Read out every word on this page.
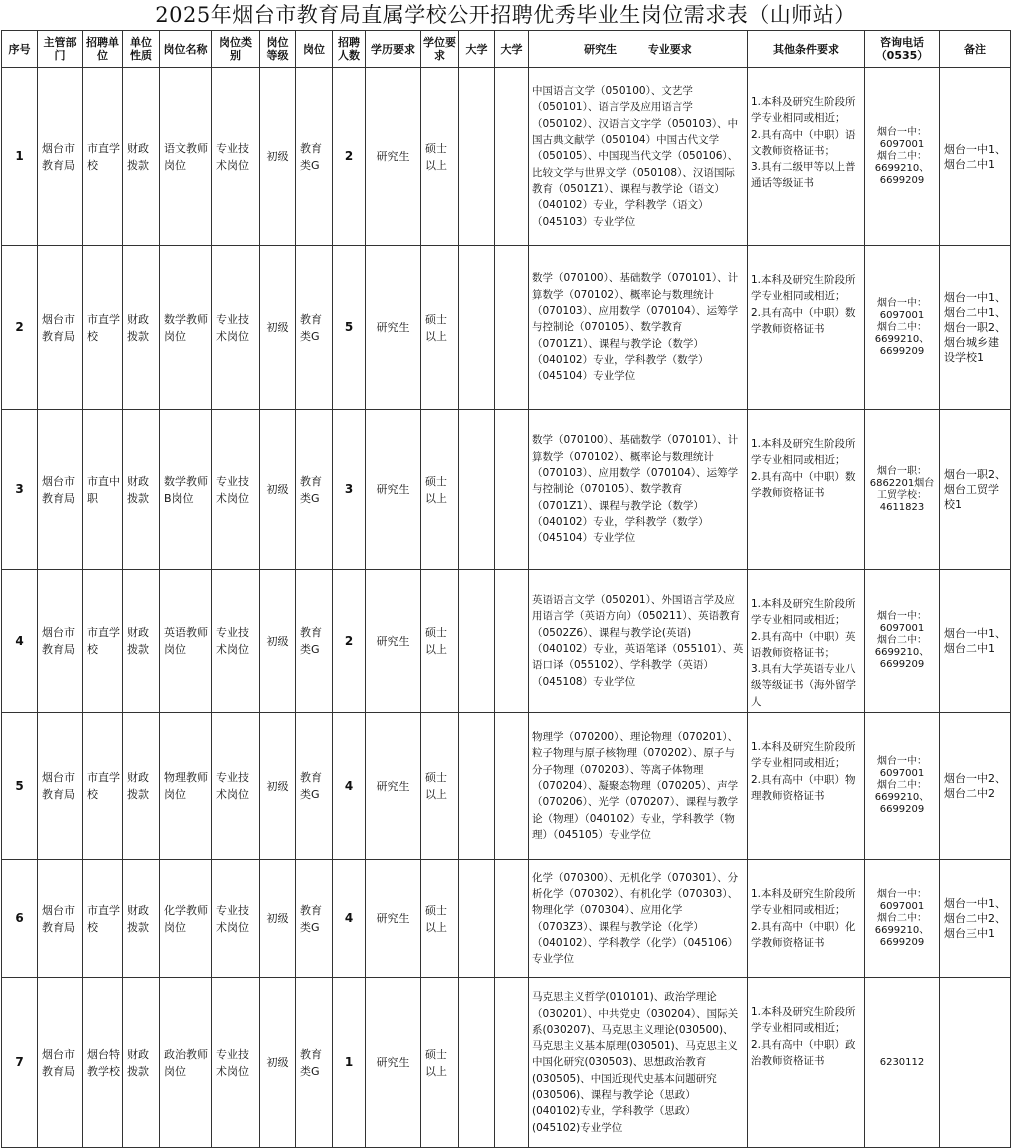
2025年烟台市教育局直属学校公开招聘优秀毕业生岗位需求表（山师站）
序号	主管部门	招聘单位	单位性质	岗位名称	岗位类别	岗位等级	岗位	招聘人数	学历要求	学位要求	大学	大学	研究生 专业要求	其他条件要求	咨询电话（0535）	备注

1	烟台市教育局	市直学校	财政拨款	语文教师岗位	专业技术岗位	初级	教育类G	2	研究生	硕士以上			中国语言文学（050100）、文艺学（050101）、语言学及应用语言学（050102）、汉语言文字学（050103）、中国古典文献学（050104）中国古代文学（050105）、中国现当代文学（050106）、比较文学与世界文学（050108）、汉语国际教育（0501Z1）、课程与教学论（语文）（040102）专业，学科教学（语文）（045103）专业学位	1.本科及研究生阶段所学专业相同或相近；
2.具有高中（中职）语文教师资格证书；
3.具有二级甲等以上普通话等级证书	烟台一中：6097001
烟台二中：6699210、6699209	烟台一中1、烟台二中1

2	烟台市教育局	市直学校	财政拨款	数学教师岗位	专业技术岗位	初级	教育类G	5	研究生	硕士以上			数学（070100）、基础数学（070101）、计算数学（070102）、概率论与数理统计（070103）、应用数学（070104）、运筹学与控制论（070105）、数学教育（0701Z1）、课程与教学论（数学）（040102）专业，学科教学（数学）（045104）专业学位	1.本科及研究生阶段所学专业相同或相近；
2.具有高中（中职）数学教师资格证书	烟台一中：6097001
烟台二中：6699210、6699209	烟台一中1、烟台二中1、烟台一职2、烟台城乡建设学校1

3	烟台市教育局	市直中职	财政拨款	数学教师B岗位	专业技术岗位	初级	教育类G	3	研究生	硕士以上			数学（070100）、基础数学（070101）、计算数学（070102）、概率论与数理统计（070103）、应用数学（070104）、运筹学与控制论（070105）、数学教育（0701Z1）、课程与教学论（数学）（040102）专业，学科教学（数学）（045104）专业学位	1.本科及研究生阶段所学专业相同或相近；
2.具有高中（中职）数学教师资格证书	烟台一职：6862201烟台工贸学校：4611823	烟台一职2、烟台工贸学校1

4	烟台市教育局	市直学校	财政拨款	英语教师岗位	专业技术岗位	初级	教育类G	2	研究生	硕士以上			英语语言文学（050201）、外国语言学及应用语言学（英语方向）（050211）、英语教育（0502Z6）、课程与教学论(英语)（040102）专业，英语笔译（055101）、英语口译（055102）、学科教学（英语）（045108）专业学位	1.本科及研究生阶段所学专业相同或相近；
2.具有高中（中职）英语教师资格证书；
3.具有大学英语专业八级等级证书（海外留学人	烟台一中：6097001
烟台二中：6699210、6699209	烟台一中1、烟台二中1

5	烟台市教育局	市直学校	财政拨款	物理教师岗位	专业技术岗位	初级	教育类G	4	研究生	硕士以上			物理学（070200）、理论物理（070201）、粒子物理与原子核物理（070202）、原子与分子物理（070203）、等离子体物理（070204）、凝聚态物理（070205）、声学（070206）、光学（070207）、课程与教学论（物理）（040102）专业，学科教学（物理）（045105）专业学位	1.本科及研究生阶段所学专业相同或相近；
2.具有高中（中职）物理教师资格证书	烟台一中：6097001
烟台二中：6699210、6699209	烟台一中2、烟台二中2

6	烟台市教育局	市直学校	财政拨款	化学教师岗位	专业技术岗位	初级	教育类G	4	研究生	硕士以上			化学（070300）、无机化学（070301）、分析化学（070302）、有机化学（070303）、物理化学（070304）、应用化学（0703Z3）、课程与教学论（化学）（040102）、学科教学（化学）（045106）专业学位	1.本科及研究生阶段所学专业相同或相近；
2.具有高中（中职）化学教师资格证书	烟台一中：6097001
烟台二中：6699210、6699209	烟台一中1、烟台二中2、烟台三中1

7	烟台市教育局	烟台特教学校	财政拨款	政治教师岗位	专业技术岗位	初级	教育类G	1	研究生	硕士以上			马克思主义哲学(010101)、政治学理论（030201）、中共党史（030204）、国际关系(030207)、马克思主义理论(030500)、马克思主义基本原理(030501)、马克思主义中国化研究(030503)、思想政治教育(030505)、中国近现代史基本问题研究(030506)、课程与教学论（思政）(040102)专业，学科教学（思政）(045102)专业学位	1.本科及研究生阶段所学专业相同或相近；
2.具有高中（中职）政治教师资格证书	6230112	
